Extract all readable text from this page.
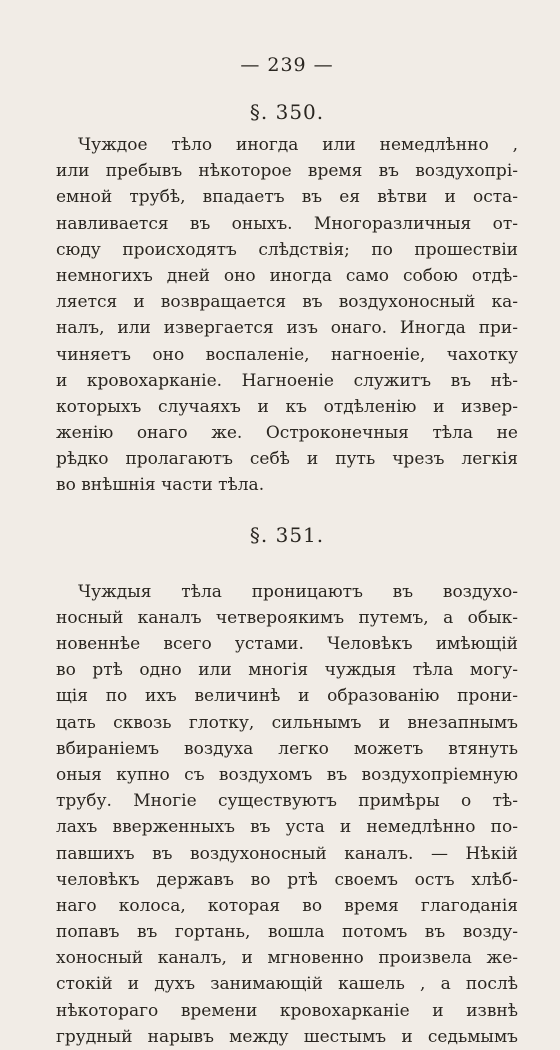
— 239 —
§. 350.
Чуждое тѣло иногда или немедлѣнно ,
или пребывъ нѣкоторое время въ воздухопрі-
емной трубѣ, впадаетъ въ ея вѣтви и оста-
навливается въ оныхъ. Многоразличныя от-
сюду происходятъ слѣдствія; по прошествіи
немногихъ дней оно иногда само собою отдѣ-
ляется и возвращается въ воздухоносный ка-
налъ, или извергается изъ онаго. Иногда при-
чиняетъ оно воспаленіе, нагноеніе, чахотку
и кровохарканіе. Нагноеніе служитъ въ нѣ-
которыхъ случаяхъ и къ отдѣленію и извер-
женію онаго же. Остроконечныя тѣла не
рѣдко пролагаютъ себѣ и путь чрезъ легкія
во внѣшнія части тѣла.
§. 351.
Чуждыя тѣла проницаютъ въ воздухо-
носный каналъ четвероякимъ путемъ, а обык-
новеннѣе всего устами. Человѣкъ имѣющій
во ртѣ одно или многія чуждыя тѣла могу-
щія по ихъ величинѣ и образованію прони-
цать сквозь глотку, сильнымъ и внезапнымъ
вбираніемъ воздуха легко можетъ втянуть
оныя купно съ воздухомъ въ воздухопріемную
трубу. Многіе существуютъ примѣры о тѣ-
лахъ вверженныхъ въ уста и немедлѣнно по-
павшихъ въ воздухоносный каналъ. — Нѣкій
человѣкъ державъ во ртѣ своемъ остъ хлѣб-
наго колоса, которая во время глагоданія
попавъ въ гортань, вошла потомъ въ возду-
хоносный каналъ, и мгновенно произвела же-
стокій и духъ занимающій кашель , а послѣ
нѣкотораго времени кровохарканіе и извнѣ
грудный нарывъ между шестымъ и седьмымъ
